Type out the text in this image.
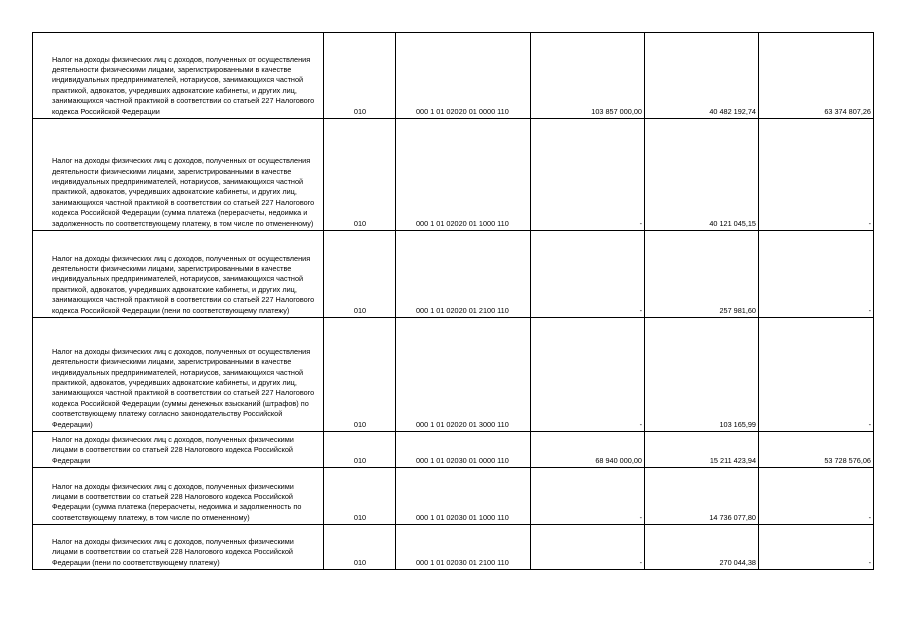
Налог на доходы физических лиц с доходов, полученных от осуществления деятельности физическими лицами, зарегистрированными в качестве индивидуальных предпринимателей, нотариусов, занимающихся частной практикой, адвокатов, учредивших адвокатские кабинеты, и других лиц, занимающихся частной практикой в соответствии со статьей 227 Налогового кодекса Российской Федерации	010	000 1 01 02020 01 0000 110	103 857 000,00	40 482 192,74	63 374 807,26
Налог на доходы физических лиц с доходов, полученных от осуществления деятельности физическими лицами, зарегистрированными в качестве индивидуальных предпринимателей, нотариусов, занимающихся частной практикой, адвокатов, учредивших адвокатские кабинеты, и других лиц, занимающихся частной практикой в соответствии со статьей 227 Налогового кодекса Российской Федерации (сумма платежа (перерасчеты, недоимка и задолженность по соответствующему платежу, в том числе по отмененному)	010	000 1 01 02020 01 1000 110	-	40 121 045,15	-
Налог на доходы физических лиц с доходов, полученных от осуществления деятельности физическими лицами, зарегистрированными в качестве индивидуальных предпринимателей, нотариусов, занимающихся частной практикой, адвокатов, учредивших адвокатские кабинеты, и других лиц, занимающихся частной практикой в соответствии со статьей 227 Налогового кодекса Российской Федерации (пени по соответствующему платежу)	010	000 1 01 02020 01 2100 110	-	257 981,60	-
Налог на доходы физических лиц с доходов, полученных от осуществления деятельности физическими лицами, зарегистрированными в качестве индивидуальных предпринимателей, нотариусов, занимающихся частной практикой, адвокатов, учредивших адвокатские кабинеты, и других лиц, занимающихся частной практикой в соответствии со статьей 227 Налогового кодекса Российской Федерации (суммы денежных взысканий (штрафов) по соответствующему платежу согласно законодательству Российской Федерации)	010	000 1 01 02020 01 3000 110	-	103 165,99	-
Налог на доходы физических лиц с доходов, полученных физическими лицами в соответствии со статьей 228 Налогового кодекса Российской Федерации	010	000 1 01 02030 01 0000 110	68 940 000,00	15 211 423,94	53 728 576,06
Налог на доходы физических лиц с доходов, полученных физическими лицами в соответствии со статьей 228 Налогового кодекса Российской Федерации (сумма платежа (перерасчеты, недоимка и задолженность по соответствующему платежу, в том числе по отмененному)	010	000 1 01 02030 01 1000 110	-	14 736 077,80	-
Налог на доходы физических лиц с доходов, полученных физическими лицами в соответствии со статьей 228 Налогового кодекса Российской Федерации (пени по соответствующему платежу)	010	000 1 01 02030 01 2100 110	-	270 044,38	-
